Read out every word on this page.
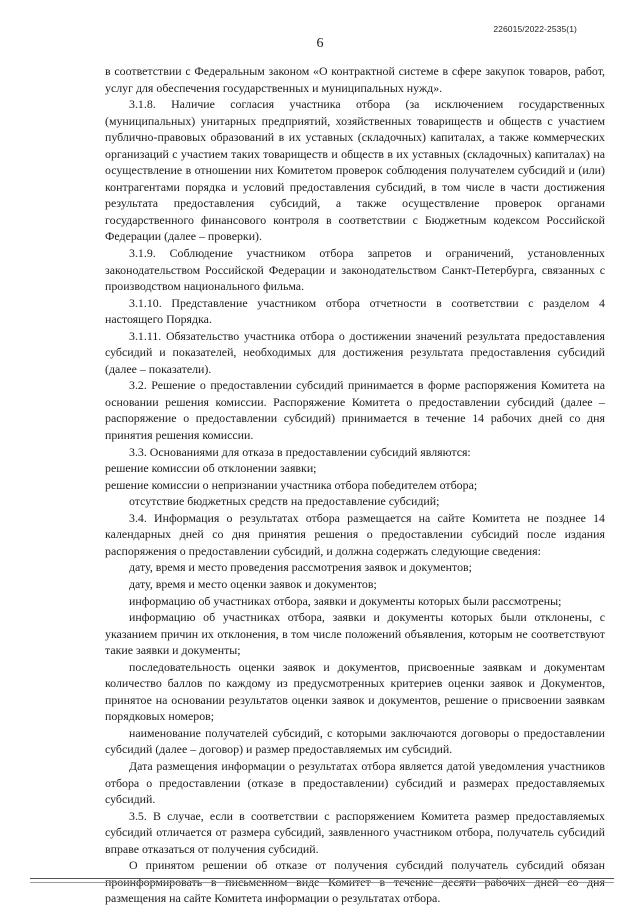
226015/2022-2535(1)
6

в соответствии с Федеральным законом «О контрактной системе в сфере закупок товаров, работ, услуг для обеспечения государственных и муниципальных нужд».

3.1.8. Наличие согласия участника отбора (за исключением государственных (муниципальных) унитарных предприятий, хозяйственных товариществ и обществ с участием публично-правовых образований в их уставных (складочных) капиталах, а также коммерческих организаций с участием таких товариществ и обществ в их уставных (складочных) капиталах) на осуществление в отношении них Комитетом проверок соблюдения получателем субсидий и (или) контрагентами порядка и условий предоставления субсидий, в том числе в части достижения результата предоставления субсидий, а также осуществление проверок органами государственного финансового контроля в соответствии с Бюджетным кодексом Российской Федерации (далее – проверки).

3.1.9. Соблюдение участником отбора запретов и ограничений, установленных законодательством Российской Федерации и законодательством Санкт-Петербурга, связанных с производством национального фильма.

3.1.10. Представление участником отбора отчетности в соответствии с разделом 4 настоящего Порядка.

3.1.11. Обязательство участника отбора о достижении значений результата предоставления субсидий и показателей, необходимых для достижения результата предоставления субсидий (далее – показатели).

3.2. Решение о предоставлении субсидий принимается в форме распоряжения Комитета на основании решения комиссии. Распоряжение Комитета о предоставлении субсидий (далее – распоряжение о предоставлении субсидий) принимается в течение 14 рабочих дней со дня принятия решения комиссии.

3.3. Основаниями для отказа в предоставлении субсидий являются:

решение комиссии об отклонении заявки;

решение комиссии о непризнании участника отбора победителем отбора;

отсутствие бюджетных средств на предоставление субсидий;

3.4. Информация о результатах отбора размещается на сайте Комитета не позднее 14 календарных дней со дня принятия решения о предоставлении субсидий после издания распоряжения о предоставлении субсидий, и должна содержать следующие сведения:

дату, время и место проведения рассмотрения заявок и документов;

дату, время и место оценки заявок и документов;

информацию об участниках отбора, заявки и документы которых были рассмотрены;

информацию об участниках отбора, заявки и документы которых были отклонены, с указанием причин их отклонения, в том числе положений объявления, которым не соответствуют такие заявки и документы;

последовательность оценки заявок и документов, присвоенные заявкам и документам количество баллов по каждому из предусмотренных критериев оценки заявок и Документов, принятое на основании результатов оценки заявок и документов, решение о присвоении заявкам порядковых номеров;

наименование получателей субсидий, с которыми заключаются договоры о предоставлении субсидий (далее – договор) и размер предоставляемых им субсидий.

Дата размещения информации о результатах отбора является датой уведомления участников отбора о предоставлении (отказе в предоставлении) субсидий и размерах предоставляемых субсидий.

3.5. В случае, если в соответствии с распоряжением Комитета размер предоставляемых субсидий отличается от размера субсидий, заявленного участником отбора, получатель субсидий вправе отказаться от получения субсидий.

О принятом решении об отказе от получения субсидий получатель субсидий обязан проинформировать в письменном виде Комитет в течение десяти рабочих дней со дня размещения на сайте Комитета информации о результатах отбора.
